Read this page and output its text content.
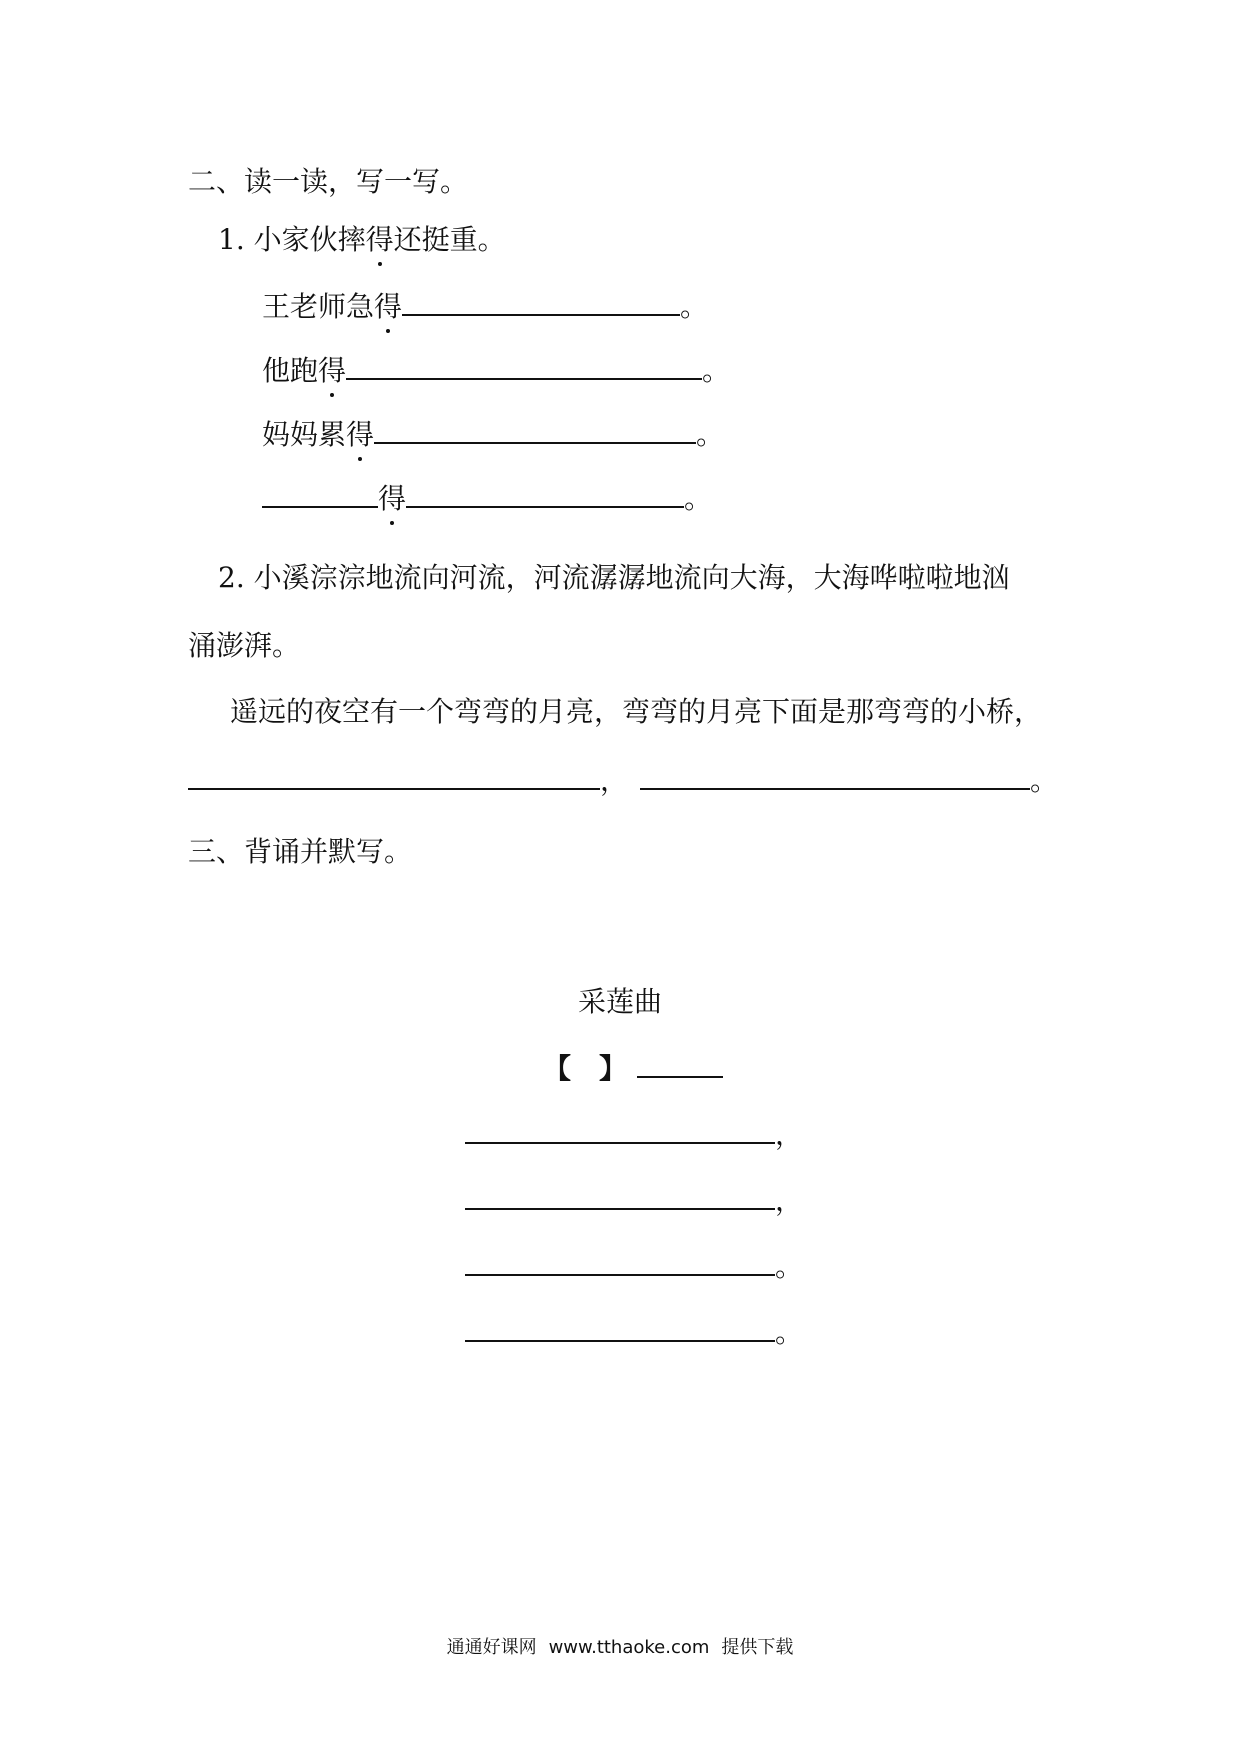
二、读一读，写一写。
1. 小家伙摔得还挺重。
王老师急得	。
他跑得	。
妈妈累得	。
得	。
2. 小溪淙淙地流向河流，河流潺潺地流向大海，大海哗啦啦地汹
涌澎湃。
遥远的夜空有一个弯弯的月亮，弯弯的月亮下面是那弯弯的小桥，
，	。
三、背诵并默写。
采莲曲
【　】
，
，
。
。
通通好课网 www.tthaoke.com 提供下载
